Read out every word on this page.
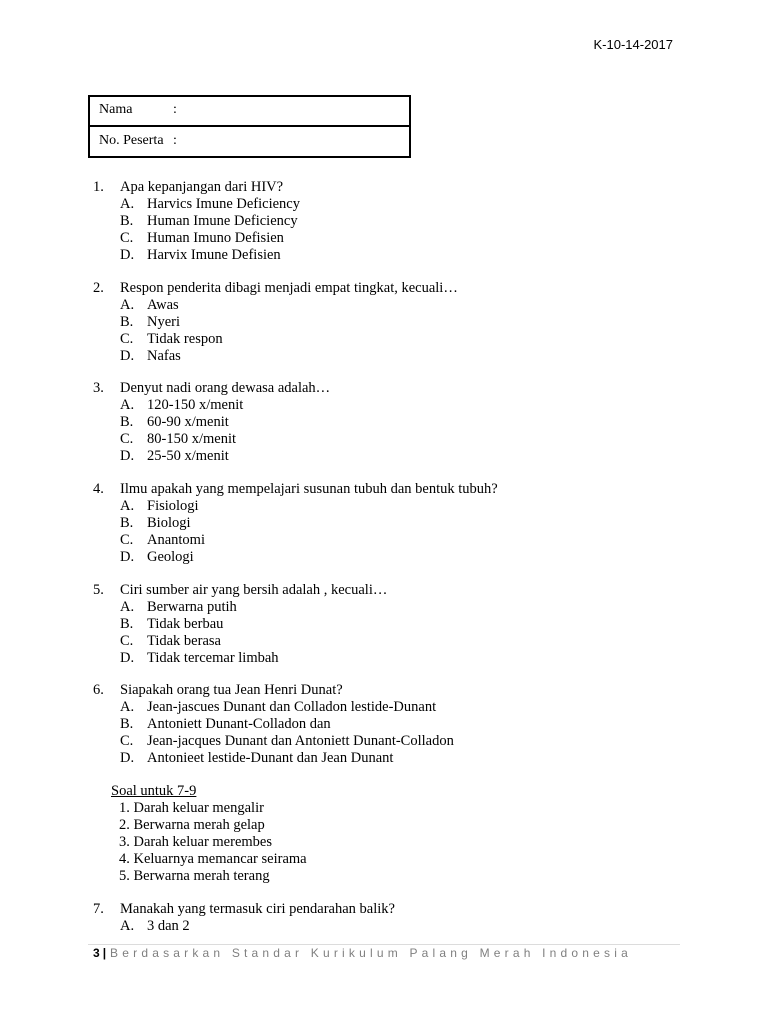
K-10-14-2017
Nama	:
No. Peserta :
1. Apa kepanjangan dari HIV?
A. Harvics Imune Deficiency
B. Human Imune Deficiency
C. Human Imuno Defisien
D. Harvix Imune Defisien
2. Respon penderita dibagi menjadi empat tingkat, kecuali…
A. Awas
B. Nyeri
C. Tidak respon
D. Nafas
3. Denyut nadi orang dewasa adalah…
A. 120-150 x/menit
B. 60-90 x/menit
C. 80-150 x/menit
D. 25-50 x/menit
4. Ilmu apakah yang mempelajari susunan tubuh dan bentuk tubuh?
A. Fisiologi
B. Biologi
C. Anantomi
D. Geologi
5. Ciri sumber air yang bersih adalah , kecuali…
A. Berwarna putih
B. Tidak berbau
C. Tidak berasa
D. Tidak tercemar limbah
6. Siapakah orang tua Jean Henri Dunat?
A. Jean-jascues Dunant dan Colladon lestide-Dunant
B. Antoniett Dunant-Colladon dan
C. Jean-jacques Dunant dan Antoniett Dunant-Colladon
D. Antonieet lestide-Dunant dan Jean Dunant
Soal untuk 7-9
1. Darah keluar mengalir
2. Berwarna merah gelap
3. Darah keluar merembes
4. Keluarnya memancar seirama
5. Berwarna merah terang
7. Manakah yang termasuk ciri pendarahan balik?
A. 3 dan 2
3 | Berdasarkan Standar Kurikulum Palang Merah Indonesia
